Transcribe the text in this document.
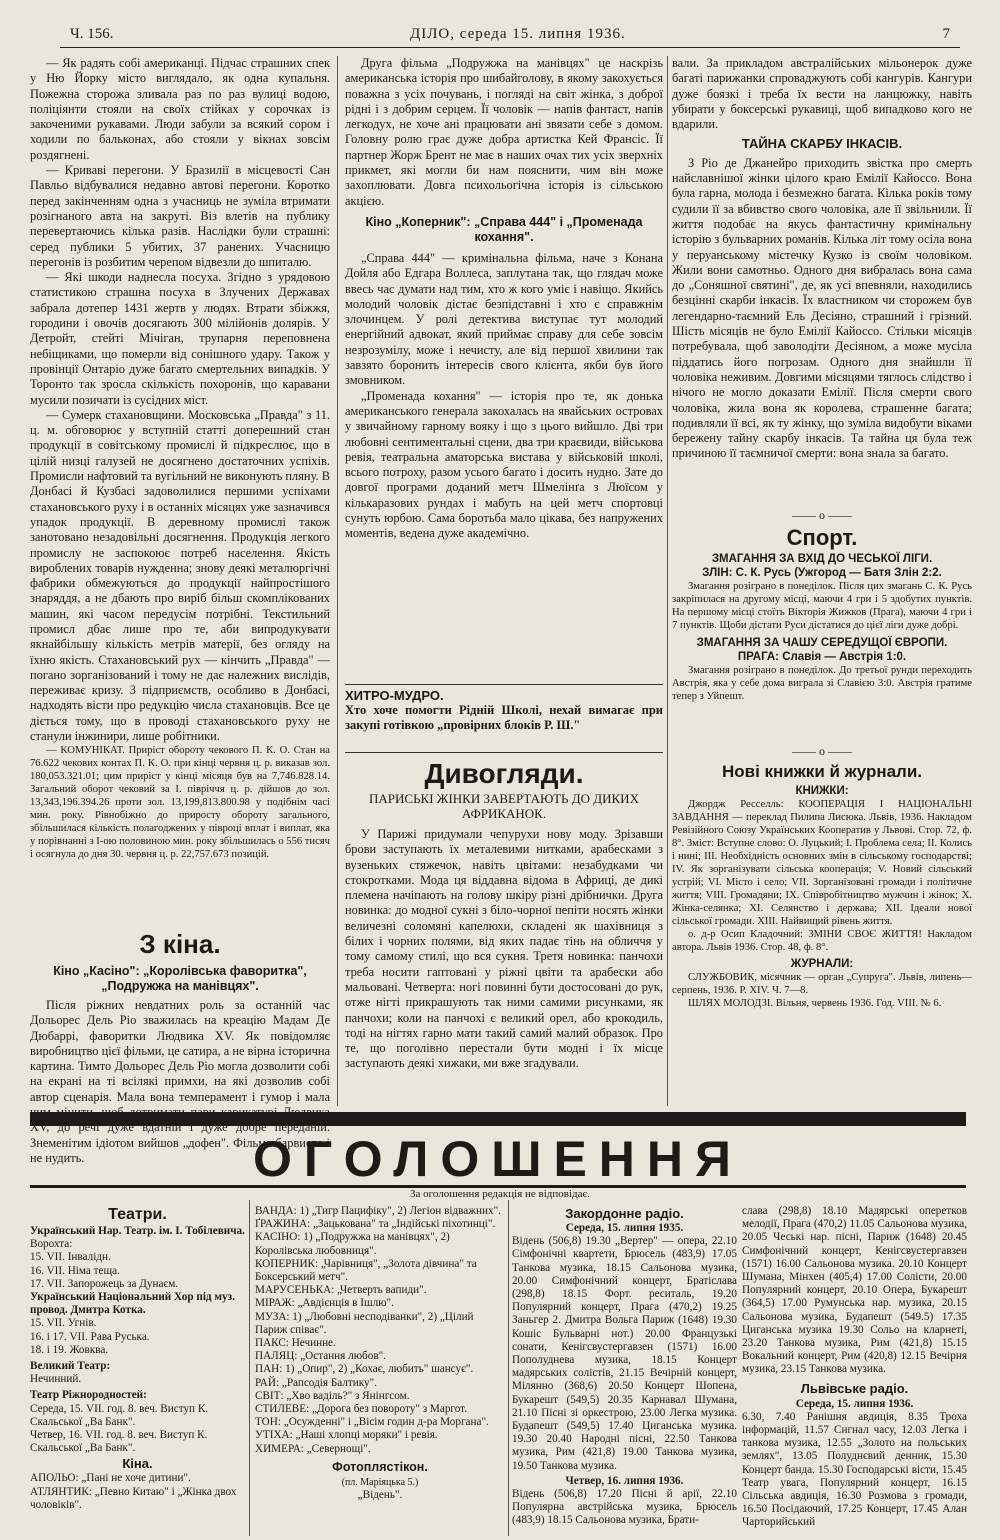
Ч. 156.	ДІЛО, середа 15. липня 1936.	7

— Як радять собі американці. Підчас страшних спек у Ню Йорку місто виглядало, як одна купальня. Пожежна сторожа зливала раз по раз вулиці водою, поліціянти стояли на своїх стійках у сорочках із закоченими рукавами. Люди забули за всякий сором і ходили по бальконах, або стояли у вікнах зовсім роздягнені.

— Криваві перегони. У Бразилії в місцевості Сан Павльо відбувалися недавно автові перегони. Коротко перед закінченням одна з учасниць не зуміла втримати розігнаного авта на закруті. Віз влетів на публику перевертаючись кілька разів. Наслідки були страшні: серед публики 5 убитих, 37 ранених. Учасницю перегонів із розбитим черепом відвезли до шпиталю.

— Які шкоди наднесла посуха. Згідно з урядовою статистикою страшна посуха в Злучених Державах забрала дотепер 1431 жертв у людях. Втрати збіжжя, городини і овочів досягають 300 мілійонів долярів. У Детройт, стейті Мічіган, трупарня переповнена небіщиками, що померли від сонішного удару. Також у провінції Онтаріо дуже багато смертельних випадків. У Торонто так зросла скількість похоронів, що каравани мусили позичати із сусідних міст.

— Сумерк стахановщини. Московська „Правда" з 11. ц. м. обговорює у вступній статті доперешний стан продукції в совітському промислі й підкреслює, що в цілій низці галузей не досягнено достаточних успіхів. Промисли нафтовий та вугільний не виконують пляну. В Донбасі й Кузбасі задоволилися першими успіхами стахановського руху і в останніх місяцях уже зазначився упадок продукції. В деревному промислі також занотовано незадовільні досягнення. Продукція легкого промислу не заспокоює потреб населення. Якість вироблених товарів нужденна; знову деякі металюргічні фабрики обмежуються до продукції найпростішого знаряддя, а не дбають про виріб більш скомплікованих машин, які часом передусім потрібні. Текстильний промисл дбає лише про те, аби випродукувати якнайбільшу кількість метрів матерії, без огляду на їхню якість. Стахановський рух — кінчить „Правда" — погано зорганізований і тому не дає належних вислідів, переживає кризу. З підприємств, особливо в Донбасі, надходять вісти про редукцію числа стахановців. Все це діється тому, що в проводі стахановського руху не станули інжинири, лише робітники.

— КОМУНІКАТ. Приріст обороту чекового П. К. О. Стан на 76.622 чекових контах П. К. О. при кінці червня ц. р. виказав зол. 180,053.321.01; цим приріст у кінці місяця був на 7,746.828.14. Загальний оборот чековий за І. півріччя ц. р. дійшов до зол. 13,343,196.394.26 проти зол. 13,199,813.800.98 у подібнім часі мин. року. Рівнобіжно до приросту обороту загального, збільшилася кількість полагоджених у півроці вплат і виплат, яка у порівнанні з І-ою половиною мин. року збільшилась о 556 тисяч і осягнула до дня 30. червня ц. р. 22,757.673 позицій.

З кіна.
Кіно „Касіно": „Королівська фаворитка", „Подружжа на манівцях".

Після ріжних невдатних роль за останній час Дольорес Дель Ріо зважилась на креацію Мадам Де Дюбаррі, фаворитки Людвика XV. Як повідомляє виробництво цієї фільми, це сатира, а не вірна історична картина. Тимто Дольорес Дель Ріо могла дозволити собі на екрані на ті всілякі примхи, на які дозволив собі автор сценарія. Мала вона темперамент і гумор і мала чим мінити, щоб дотримати пари карикатурі Людвика XV, до речі дуже вдатній і дуже добре переданій. Знеменітим ідіотом вийшов „дофен". Фільма барвиста і не нудить.

Друга фільма „Подружжа на манівцях" це наскрізь американська історія про шибайголову, в якому закохується поважна з усіх почувань, і погляді на світ жінка, з доброї рідні і з добрим серцем. Її чоловік — напів фантаст, напів легкодух, не хоче ані працювати ані звязати себе з домом. Головну ролю грає дуже добра артистка Кей Франсіс. Її партнер Жорж Брент не має в наших очах тих усіх зверхніх прикмет, які могли би нам пояснити, чим він може захоплювати. Довга психольогічна історія із сільською акцією.

Кіно „Коперник": „Справа 444" і „Променада кохання".

„Справа 444" — кримінальна фільма, наче з Конана Дойля або Едгара Воллеса, заплутана так, що глядач може ввесь час думати над тим, хто ж кого уміє і навіщо. Якийсь молодий чоловік дістає безпідставні і хто є справжнім злочинцем. У ролі детектива виступає тут молодий енергійний адвокат, який приймає справу для себе зовсім незрозумілу, може і нечисту, але від першої хвилини так завзято боронить інтересів свого клієнта, якби був його змовником.

„Променада кохання" — історія про те, як донька американського генерала закохалась на явайських островах у звичайному гарному вояку і що з цього вийшло. Дві три любовні сентиментальні сцени, два три краєвиди, військова ревія, театральна аматорська вистава у військовій школі, всього потроху, разом усього багато і досить нудно. Зате до довгої програми доданий метч Шмелінґа з Люїсом у кількаразових рундах і мабуть на цей метч спортовці сунуть юрбою. Сама боротьба мало цікава, без напружених моментів, ведена дуже академічно.

ХИТРО-МУДРО.
Хто хоче помогти Рідній Школі, нехай вимагає при закупі готівкою „провірних блоків Р. Ш."
Дивогляди.
ПАРИСЬКІ ЖІНКИ ЗАВЕРТАЮТЬ ДО ДИКИХ АФРИКАНОК.

У Парижі придумали чепурухи нову моду. Зрізавши брови заступають їх металевими нитками, арабесками з вузеньких стяжечок, навіть цвітами: незабудками чи стокротками. Мода ця віддавна відома в Африці, де дикі племена начіпають на голову шкіру різні дрібнички. Друга новинка: до модної сукні з біло-чорної пепіти носять жінки величезні соломяні капелюхи, складені як шахівниця з білих і чорних полями, від яких падає тінь на обличчя у тому самому стилі, що вся сукня. Третя новинка: панчохи треба носити гаптовані у ріжні цвіти та арабески або мальовані. Четверта: ногі повинні бути достосовані до рук, отже нігті прикрашують так ними самими рисунками, як панчохи; коли на панчохі є великий орел, або крокодиль, тоді на нігтях гарно мати такий самий малий образок. Про те, що поголівно перестали бути модні і їх місце заступають деякі хижаки, ми вже згадували.

вали. За прикладом австралійських мільонерок дуже багаті парижанки спроваджують собі кангурів. Кангури дуже боязкі і треба їх вести на ланцюжку, навіть убирати у боксерські рукавиці, щоб випадково кого не вдарили.

ТАЙНА СКАРБУ ІНКАСІВ.

З Ріо де Джанейро приходить звістка про смерть найславнішої жінки цілого краю Емілії Кайоссо. Вона була гарна, молода і безмежно багата. Кілька років тому судили її за вбивство свого чоловіка, але її звільнили. Її життя подобає на якусь фантастичну кримінальну історію з бульварних романів. Кілька літ тому осіла вона у перуанському містечку Кузко із своїм чоловіком. Жили вони самотньо. Одного дня вибралась вона сама до „Соняшної святині", де, як усі впевняли, находились безцінні скарби інкасів. Їх властником чи сторожем був легендарно-таємний Ель Десіяно, страшний і грізний. Шість місяців не було Емілії Кайоссо. Стільки місяців потребувала, щоб заволодіти Десіяном, а може мусіла піддатись його погрозам. Одного дня знайшли її чоловіка неживим. Довгими місяцями тяглось слідство і нічого не могло доказати Емілії. Після смерти свого чоловіка, жила вона як королева, страшенне багата; подивляли її всі, як ту жінку, що зуміла видобути віками бережену тайну скарбу інкасів. Та тайна ця була теж причиною її таємничої смерти: вона знала за багато.

—— о ——
Спорт.
ЗМАГАННЯ ЗА ВХІД ДО ЧЕСЬКОЇ ЛІГИ.
ЗЛІН: С. К. Русь (Ужгород — Батя Злін 2:2.

Змагання розіграно в понеділок. Після цих змагань С. К. Русь закріпилася на другому місці, маючи 4 гри і 5 здобутих пунктів. На першому місці стоїть Вікторія Жижков (Прага), маючи 4 гри і 7 пунктів. Щоби дістати Руси дістатися до цієї ліги дуже добрі.

ЗМАГАННЯ ЗА ЧАШУ СЕРЕДУЩОЇ ЄВРОПИ.
ПРАГА: Славія — Австрія 1:0.

Змагання розіграно в понеділок. До третьої рунди переходить Австрія, яка у себе дома виграла зі Славією 3:0. Австрія гратиме тепер з Уйпешт.

—— о ——
Нові книжки й журнали.
КНИЖКИ:

Джордж Ресселль: КООПЕРАЦІЯ І НАЦІОНАЛЬНІ ЗАВДАННЯ — переклад Пилипа Лисюка. Львів, 1936. Накладом Ревізійного Союзу Українських Кооператив у Львові. Стор. 72, ф. 8°. Зміст: Вступне слово: О. Луцький; І. Проблема села; ІІ. Колись і нині; ІІІ. Необхідність основних змін в сільському господарстві; ІV. Як зорганізувати сільська кооперація; V. Новий сільський устрій; VI. Місто і село; VII. Зорганізовані громади і політичне життя; VIII. Громадяни; ІХ. Співробітництво мужчин і жінок; Х. Жінка-селянка; ХІ. Селянство і держава; ХІІ. Ідеали нової сільської громади. ХІІІ. Найвищий рівень життя.

о. д-р Осип Кладочний: ЗМІНИ СВОЄ ЖИТТЯ! Накладом автора. Львів 1936. Стор. 48, ф. 8°.

ЖУРНАЛИ:

СЛУЖБОВИК, місячник — орган „Супруга". Львів, липень—серпень, 1936. Р. XIV. Ч. 7—8.

ШЛЯХ МОЛОДЗІ. Вільня, червень 1936. Год. VIII. № 6.

ОГОЛОШЕННЯ
За оголошення редакція не відповідає.
Театри.
Український Нар. Театр. ім. І. Тобілевича.
Ворохта:
15. VII. Інвалідн.
16. VII. Німа теща.
17. VII. Запорожець за Дунаєм.
Український Національний Хор під муз. провод. Дмитра Котка.
15. VII. Угнів.
16. і 17. VII. Рава Руська.
18. і 19. Жовква.
Великий Театр:
Нечинний.
Театр Ріжнородностей:
Середа, 15. VII. год. 8. веч. Виступ К. Скальської „Ва Банк".
Четвер, 16. VII. год. 8. веч. Виступ К. Скальської „Ва Банк".
Кіна.
АПОЛЬО: „Пані не хоче дитини".
АТЛЯНТИК: „Певно Китаю" і „Жінка двох чоловіків".
ВАНДА: 1) „Тигр Пацифіку", 2) Легіон відважних".
ҐРАЖИНА: „Зацькована" та „Індійські піхотинці".
КАСІНО: 1) „Подружжа на манівцях", 2) Королівська любовниця".
КОПЕРНИК: „Чарівниця", „Золота дівчина" та Боксерський метч".
МАРУСЕНЬКА: „Четверть вапиди".
МІРАЖ: „Авдієнція в Ішлю".
МУЗА: 1) „Любовні несподіванки", 2) „Цілий Париж співає".
ПАКС: Нечинне.
ПАЛЯЦ: „Остання любов".
ПАН: 1) „Опир", 2) „Кохає, любить" шансує".
РАЙ: „Рапсодія Балтику".
СВІТ: „Хво ваділь?" з Янінгсом.
СТИЛЕВЕ: „Дорога без повороту" з Маргот.
ТОН: „Осужденні" і „Вісім годин д-ра Моргана".
УТІХА: „Наші хлопці моряки" і ревія.
ХИМЕРА: „Севернощі".
Фотоплястікон.
(пл. Маріяцька 5.)
„Відень".
Закордонне радіо.
Середа, 15. липня 1935.
Відень (506,8) 19.30 „Вертер" — опера, 22.10 Сімфонічні квартети, Брюсель (483,9) 17.05 Танкова музика, 18.15 Сальонова музика, 20.00 Симфонічний концерт, Братіслава (298,8) 18.15 Форт. реситаль, 19.20 Популярний концерт, Прага (470,2) 19.25 Заньгер 2. Дмитра Вольга Париж (1648) 19.30 Кошіс Бульварні нот.) 20.00 Французькі сонати, Кенігсвустергавзен (1571) 16.00 Пополуднева музика, 18.15 Концерт мадярських солістів, 21.15 Вечірній концерт, Мілянно (368,6) 20.50 Концерт Шопена, Букарешт (549,5) 20.35 Карнавал Шумана, 21.10 Пісні зі оркестрою, 23.00 Легка музика. Будапешт (549,5) 17.40 Циганська музика. 19.30 20.40 Народні пісні, 22.50 Танкова музика, Рим (421,8) 19.00 Танкова музика, 19.50 Танкова музика.
Четвер, 16. липня 1936.
Відень (506,8) 17.20 Пісні й арії, 22.10 Популярна австрійська музика, Брюсель (483,9) 18.15 Сальонова музика, Брати-
слава (298,8) 18.10 Мадярські оперетков мелодії, Прага (470,2) 11.05 Сальонова музика, 20.05 Чеські нар. пісні, Париж (1648) 20.45 Симфонічний концерт, Кенігсвустергавзен (1571) 16.00 Сальонова музика. 20.10 Концерт Шумана, Мінхен (405,4) 17.00 Солісти, 20.00 Популярний концерт, 20.10 Опера, Букарешт (364,5) 17.00 Румунська нар. музика, 20.15 Сальонова музика, Будапешт (549.5) 17.35 Циганська музика 19.30 Сольо на кларнеті, 23.20 Танкова музика, Рим (421,8) 15.15 Вокальний концерт, Рим (420,8) 12.15 Вечірня музика, 23.15 Танкова музика.
Львівське радіо.
Середа, 15. липня 1936.
6.30, 7.40 Ранішня авдиція, 8.35 Троха інформацій, 11.57 Сигнал часу, 12.03 Легка і танкова музика, 12.55 „Золото на польських землях", 13.05 Полуднєвий денник, 15.30 Концерт банда. 15.30 Господарські вісти, 15.45 Театр увага, Популярний концерт, 16.15 Сільська авдиція, 16.30 Розмова з громади, 16.50 Посідаючий, 17.25 Концерт, 17.45 Алан Чарторийський
